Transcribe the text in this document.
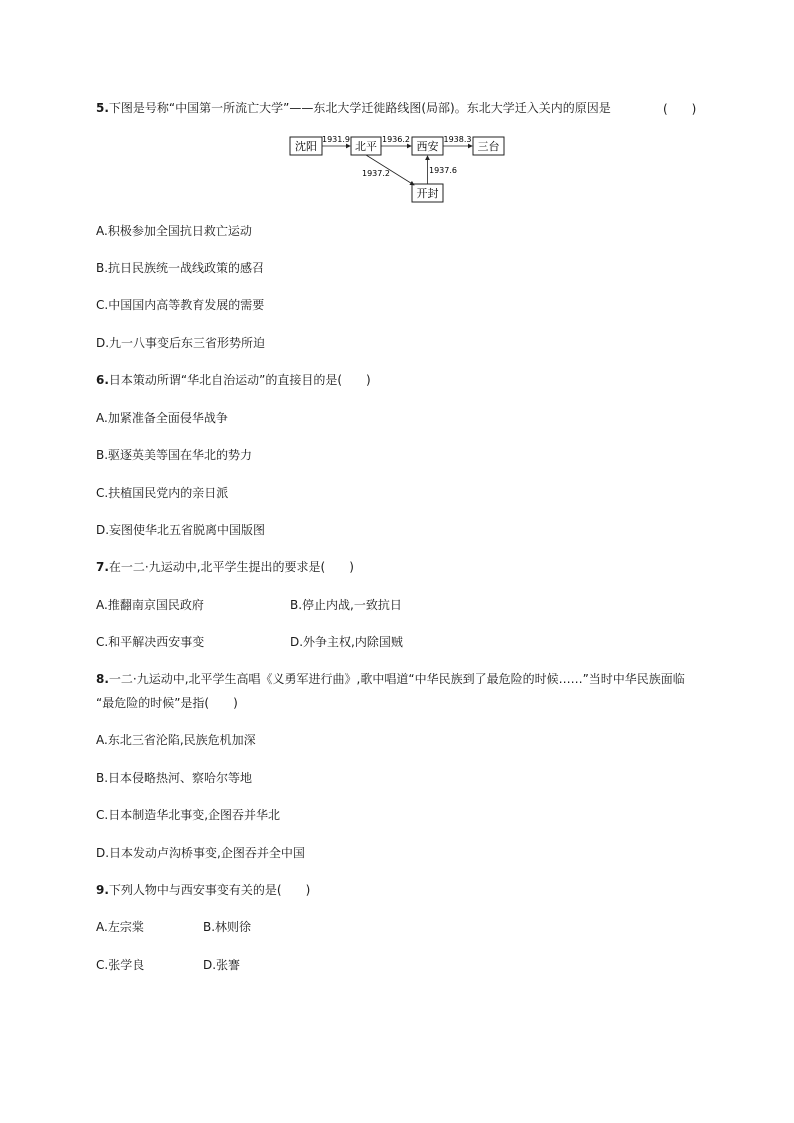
5.下图是号称“中国第一所流亡大学”——东北大学迁徙路线图(局部)。东北大学迁入关内的原因是	(　　)
沈阳	北平	西安	三台
开封
1931.9	1936.2	1938.3
1937.2	1937.6
A.积极参加全国抗日救亡运动
B.抗日民族统一战线政策的感召
C.中国国内高等教育发展的需要
D.九一八事变后东三省形势所迫
6.日本策动所谓“华北自治运动”的直接目的是(　　)
A.加紧准备全面侵华战争
B.驱逐英美等国在华北的势力
C.扶植国民党内的亲日派
D.妄图使华北五省脱离中国版图
7.在一二·九运动中,北平学生提出的要求是(　　)
A.推翻南京国民政府	B.停止内战,一致抗日
C.和平解决西安事变	D.外争主权,内除国贼
8.一二·九运动中,北平学生高唱《义勇军进行曲》,歌中唱道“中华民族到了最危险的时候……”当时中华民族面临
“最危险的时候”是指(　　)
A.东北三省沦陷,民族危机加深
B.日本侵略热河、察哈尔等地
C.日本制造华北事变,企图吞并华北
D.日本发动卢沟桥事变,企图吞并全中国
9.下列人物中与西安事变有关的是(　　)
A.左宗棠	B.林则徐
C.张学良	D.张謇
